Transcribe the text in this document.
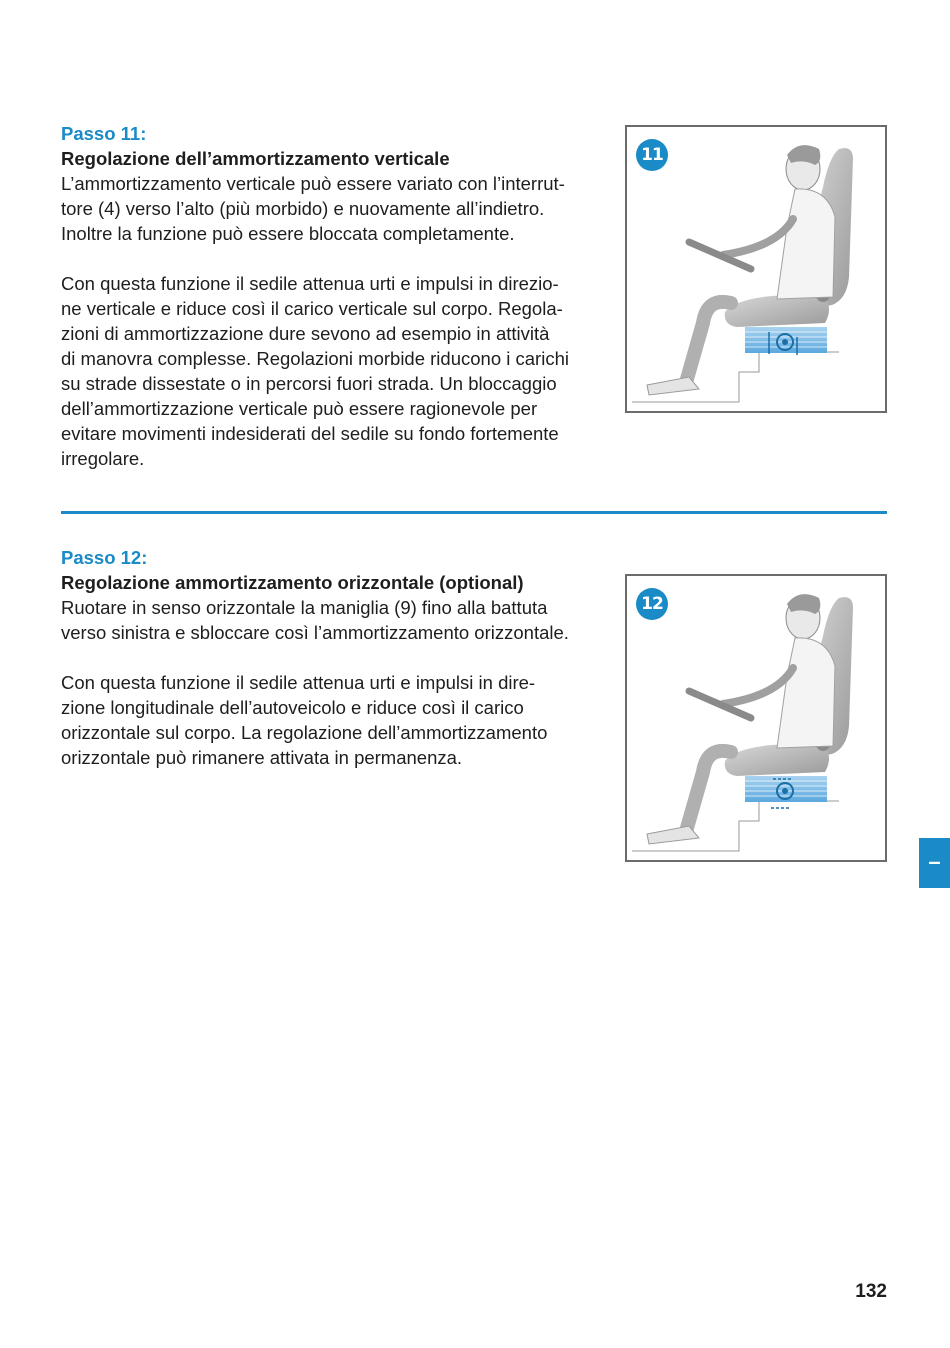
Passo 11:
Regolazione dell’ammortizzamento verticale
L’ammortizzamento verticale può essere variato con l’interrut-
tore (4) verso l’alto (più morbido) e nuovamente all’indietro.
Inoltre la funzione può essere bloccata completamente.
Con questa funzione il sedile attenua urti e impulsi in direzio-
ne verticale e riduce così il carico verticale sul corpo. Regola-
zioni di ammortizzazione dure sevono ad esempio in attività
di manovra complesse. Regolazioni morbide riducono i carichi
su strade dissestate o in percorsi fuori strada. Un bloccaggio
dell’ammortizzazione verticale può essere ragionevole per
evitare movimenti indesiderati del sedile su fondo fortemente
irregolare.
11
Passo 12:
Regolazione ammortizzamento orizzontale (optional)
Ruotare in senso orizzontale la maniglia (9) fino alla battuta
verso sinistra e sbloccare così l’ammortizzamento orizzontale.
Con questa funzione il sedile attenua urti e impulsi in dire-
zione longitudinale dell’autoveicolo e riduce così il carico
orizzontale sul corpo. La regolazione dell’ammortizzamento
orizzontale può rimanere attivata in permanenza.
12
–
132
